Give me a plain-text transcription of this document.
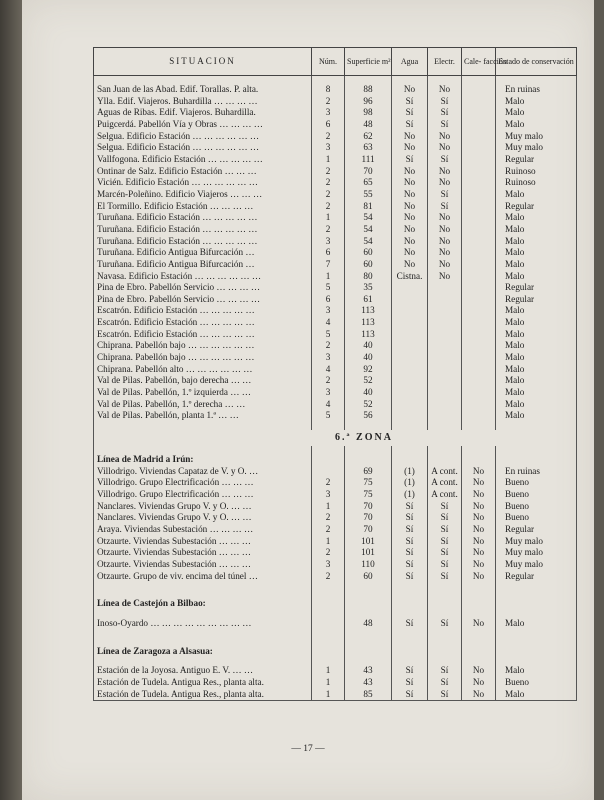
SITUACION	Núm.	Superficie m²	Agua	Electr.	Cale- facción	Estado de conservación

San Juan de las Abad. Edif. Torallas. P. alta.	8	88	No	No		En ruinas
Ylla. Edif. Viajeros. Buhardilla … … … …	2	96	Sí	Sí		Malo
Aguas de Ribas. Edif. Viajeros. Buhardilla.	3	98	Sí	Sí		Malo
Puigcerdá. Pabellón Vía y Obras … … … …	6	48	Sí	Sí		Malo
Selgua. Edificio Estación … … … … … …	2	62	No	No		Muy malo
Selgua. Edificio Estación … … … … … …	3	63	No	No		Muy malo
Vallfogona. Edificio Estación … … … … …	1	111	Sí	Sí		Regular
Ontinar de Salz. Edificio Estación … … …	2	70	No	No		Ruinoso
Vicién. Edificio Estación … … … … … …	2	65	No	No		Ruinoso
Marcén-Poleñino. Edificio Viajeros … … …	2	55	No	Sí		Malo
El Tormillo. Edificio Estación … … … …	2	81	No	Sí		Regular
Turuñana. Edificio Estación … … … … …	1	54	No	No		Malo
Turuñana. Edificio Estación … … … … …	2	54	No	No		Malo
Turuñana. Edificio Estación … … … … …	3	54	No	No		Malo
Turuñana. Edificio Antigua Bifurcación …	6	60	No	No		Malo
Turuñana. Edificio Antigua Bifurcación …	7	60	No	No		Malo
Navasa. Edificio Estación … … … … … …	1	80	Cistna.	No		Malo
Pina de Ebro. Pabellón Servicio … … … …	5	35				Regular
Pina de Ebro. Pabellón Servicio … … … …	6	61				Regular
Escatrón. Edificio Estación … … … … …	3	113				Malo
Escatrón. Edificio Estación … … … … …	4	113				Malo
Escatrón. Edificio Estación … … … … …	5	113				Malo
Chiprana. Pabellón bajo … … … … … …	2	40				Malo
Chiprana. Pabellón bajo … … … … … …	3	40				Malo
Chiprana. Pabellón alto … … … … … …	4	92				Malo
Val de Pilas. Pabellón, bajo derecha … …	2	52				Malo
Val de Pilas. Pabellón, 1.º izquierda … …	3	40				Malo
Val de Pilas. Pabellón, 1.º derecha … …	4	52				Malo
Val de Pilas. Pabellón, planta 1.ª … …	5	56				Malo

6.ª ZONA						

Línea de Madrid a Irún:						
Villodrigo. Viviendas Capataz de V. y O. …		69	(1)	A cont.	No	En ruinas
Villodrigo. Grupo Electrificación … … …	2	75	(1)	A cont.	No	Bueno
Villodrigo. Grupo Electrificación … … …	3	75	(1)	A cont.	No	Bueno
Nanclares. Viviendas Grupo V. y O. … …	1	70	Sí	Sí	No	Bueno
Nanclares. Viviendas Grupo V. y O. … …	2	70	Sí	Sí	No	Bueno
Araya. Viviendas Subestación … … … …	2	70	Sí	Sí	No	Regular
Otzaurte. Viviendas Subestación … … …	1	101	Sí	Sí	No	Muy malo
Otzaurte. Viviendas Subestación … … …	2	101	Sí	Sí	No	Muy malo
Otzaurte. Viviendas Subestación … … …	3	110	Sí	Sí	No	Muy malo
Otzaurte. Grupo de viv. encima del túnel …	2	60	Sí	Sí	No	Regular

Línea de Castejón a Bilbao:						

Inoso-Oyardo … … … … … … … … …		48	Sí	Sí	No	Malo

Línea de Zaragoza a Alsasua:						

Estación de la Joyosa. Antiguo E. V. … …	1	43	Sí	Sí	No	Malo
Estación de Tudela. Antigua Res., planta alta.	1	43	Sí	Sí	No	Bueno
Estación de Tudela. Antigua Res., planta alta.	1	85	Sí	Sí	No	Malo
— 17 —
